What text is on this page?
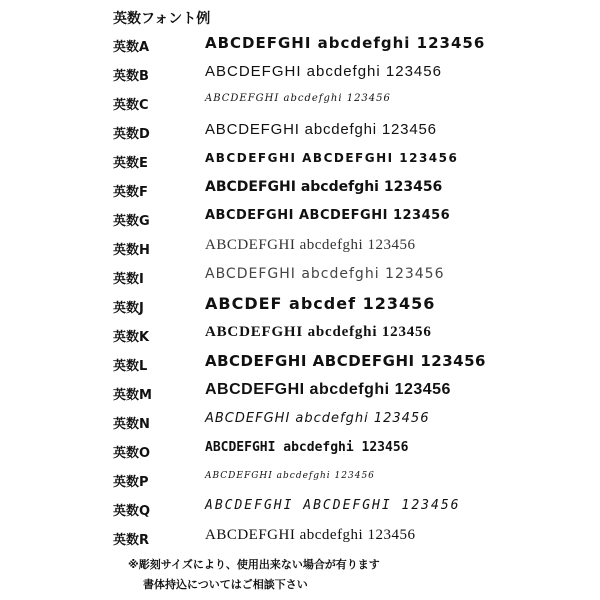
英数フォント例
英数A	ABCDEFGHI abcdefghi 123456
英数B	ABCDEFGHI abcdefghi 123456
英数C	ABCDEFGHI abcdefghi 123456
英数D	ABCDEFGHI abcdefghi 123456
英数E	ABCDEFGHI ABCDEFGHI 123456
英数F	ABCDEFGHI abcdefghi 123456
英数G	ABCDEFGHI ABCDEFGHI 123456
英数H	ABCDEFGHI abcdefghi 123456
英数I	ABCDEFGHI abcdefghi 123456
英数J	ABCDEF abcdef 123456
英数K	ABCDEFGHI abcdefghi 123456
英数L	ABCDEFGHI ABCDEFGHI 123456
英数M	ABCDEFGHI abcdefghi 123456
英数N	ABCDEFGHI abcdefghi 123456
英数O	ABCDEFGHI abcdefghi 123456
英数P	ABCDEFGHI abcdefghi 123456
英数Q	ABCDEFGHI ABCDEFGHI 123456
英数R	ABCDEFGHI abcdefghi 123456
※彫刻サイズにより、使用出来ない場合が有ります
書体持込についてはご相談下さい
